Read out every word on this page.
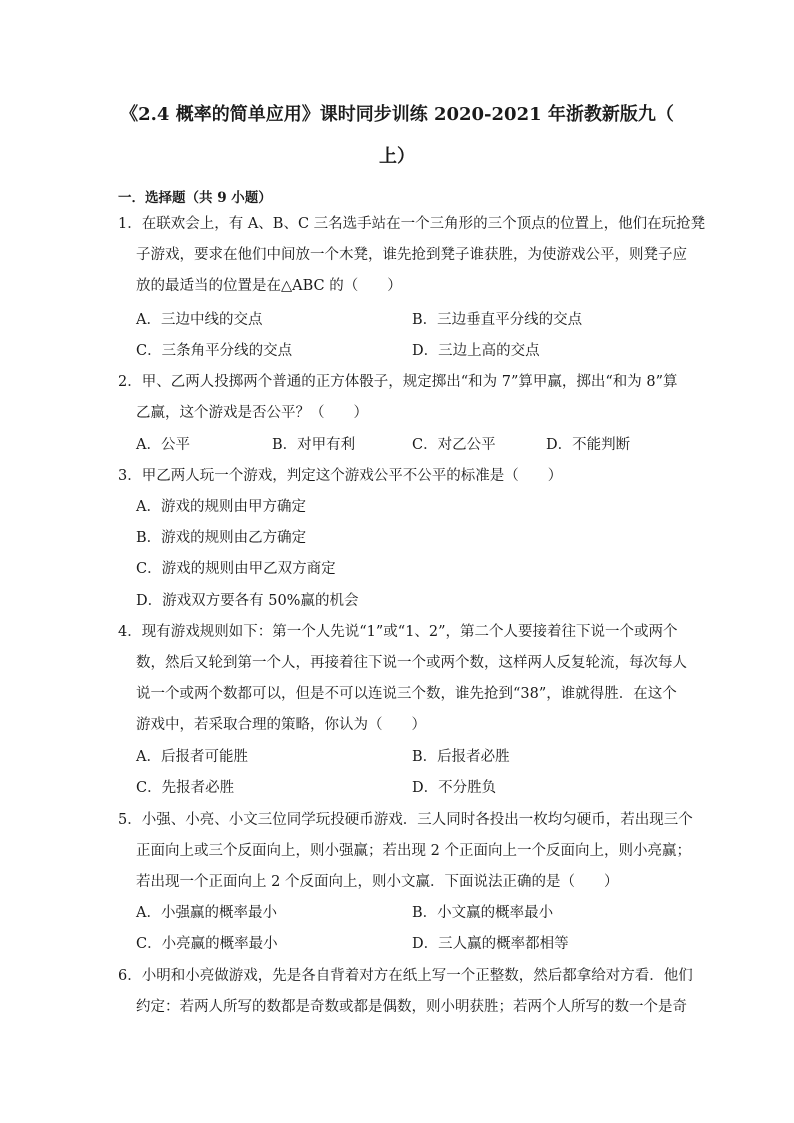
《2.4 概率的简单应用》课时同步训练 2020-2021 年浙教新版九（
上）
一．选择题（共 9 小题）
1．在联欢会上，有 A、B、C 三名选手站在一个三角形的三个顶点的位置上，他们在玩抢凳
子游戏，要求在他们中间放一个木凳，谁先抢到凳子谁获胜，为使游戏公平，则凳子应
放的最适当的位置是在△ABC 的（　　）
A．三边中线的交点	B．三边垂直平分线的交点
C．三条角平分线的交点	D．三边上高的交点
2．甲、乙两人投掷两个普通的正方体骰子，规定掷出“和为 7”算甲赢，掷出“和为 8”算
乙赢，这个游戏是否公平？（　　）
A．公平	B．对甲有利	C．对乙公平	D．不能判断
3．甲乙两人玩一个游戏，判定这个游戏公平不公平的标准是（　　）
A．游戏的规则由甲方确定
B．游戏的规则由乙方确定
C．游戏的规则由甲乙双方商定
D．游戏双方要各有 50%赢的机会
4．现有游戏规则如下：第一个人先说“1”或“1、2”，第二个人要接着往下说一个或两个
数，然后又轮到第一个人，再接着往下说一个或两个数，这样两人反复轮流，每次每人
说一个或两个数都可以，但是不可以连说三个数，谁先抢到“38”，谁就得胜．在这个
游戏中，若采取合理的策略，你认为（　　）
A．后报者可能胜	B．后报者必胜
C．先报者必胜	D．不分胜负
5．小强、小亮、小文三位同学玩投硬币游戏．三人同时各投出一枚均匀硬币，若出现三个
正面向上或三个反面向上，则小强赢；若出现 2 个正面向上一个反面向上，则小亮赢；
若出现一个正面向上 2 个反面向上，则小文赢．下面说法正确的是（　　）
A．小强赢的概率最小	B．小文赢的概率最小
C．小亮赢的概率最小	D．三人赢的概率都相等
6．小明和小亮做游戏，先是各自背着对方在纸上写一个正整数，然后都拿给对方看．他们
约定：若两人所写的数都是奇数或都是偶数，则小明获胜；若两个人所写的数一个是奇
